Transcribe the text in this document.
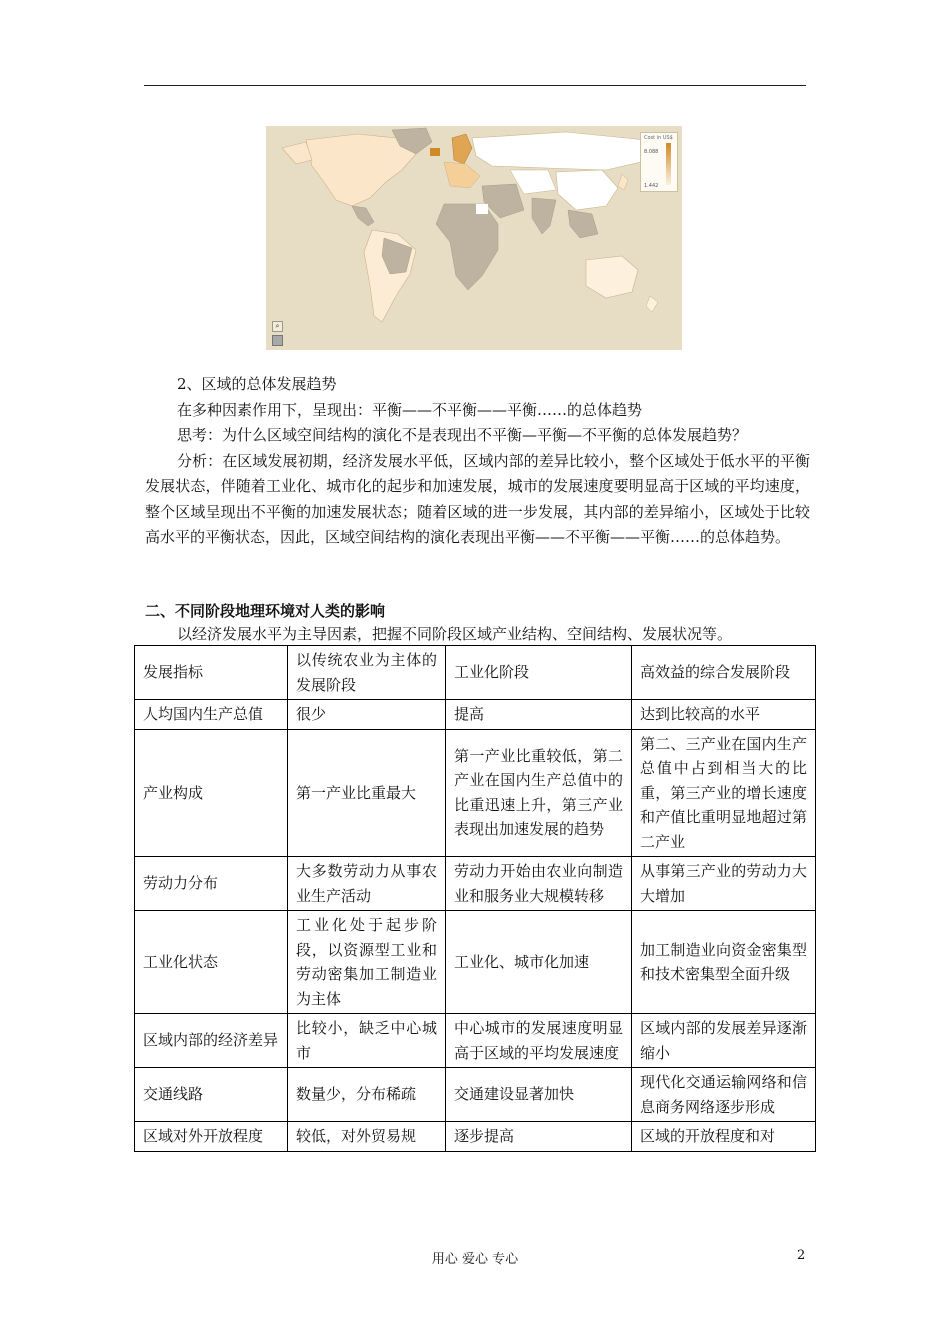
Cost in US$
8.088
1.442
⌕

2、区域的总体发展趋势

在多种因素作用下，呈现出：平衡——不平衡——平衡……的总体趋势

思考：为什么区域空间结构的演化不是表现出不平衡—平衡—不平衡的总体发展趋势？

分析：在区域发展初期，经济发展水平低，区域内部的差异比较小，整个区域处于低水平的平衡发展状态，伴随着工业化、城市化的起步和加速发展，城市的发展速度要明显高于区域的平均速度，整个区域呈现出不平衡的加速发展状态；随着区域的进一步发展，其内部的差异缩小，区域处于比较高水平的平衡状态，因此，区域空间结构的演化表现出平衡——不平衡——平衡……的总体趋势。

二、不同阶段地理环境对人类的影响
以经济发展水平为主导因素，把握不同阶段区域产业结构、空间结构、发展状况等。
发展指标	以传统农业为主体的发展阶段	工业化阶段	高效益的综合发展阶段
人均国内生产总值	很少	提高	达到比较高的水平
产业构成	第一产业比重最大	第一产业比重较低，第二产业在国内生产总值中的比重迅速上升，第三产业表现出加速发展的趋势	第二、三产业在国内生产总值中占到相当大的比重，第三产业的增长速度和产值比重明显地超过第二产业
劳动力分布	大多数劳动力从事农业生产活动	劳动力开始由农业向制造业和服务业大规模转移	从事第三产业的劳动力大大增加
工业化状态	工业化处于起步阶段，以资源型工业和劳动密集加工制造业为主体	工业化、城市化加速	加工制造业向资金密集型和技术密集型全面升级
区域内部的经济差异	比较小，缺乏中心城市	中心城市的发展速度明显高于区域的平均发展速度	区域内部的发展差异逐渐缩小
交通线路	数量少，分布稀疏	交通建设显著加快	现代化交通运输网络和信息商务网络逐步形成
区域对外开放程度	较低，对外贸易规	逐步提高	区域的开放程度和对
用心 爱心 专心	2
